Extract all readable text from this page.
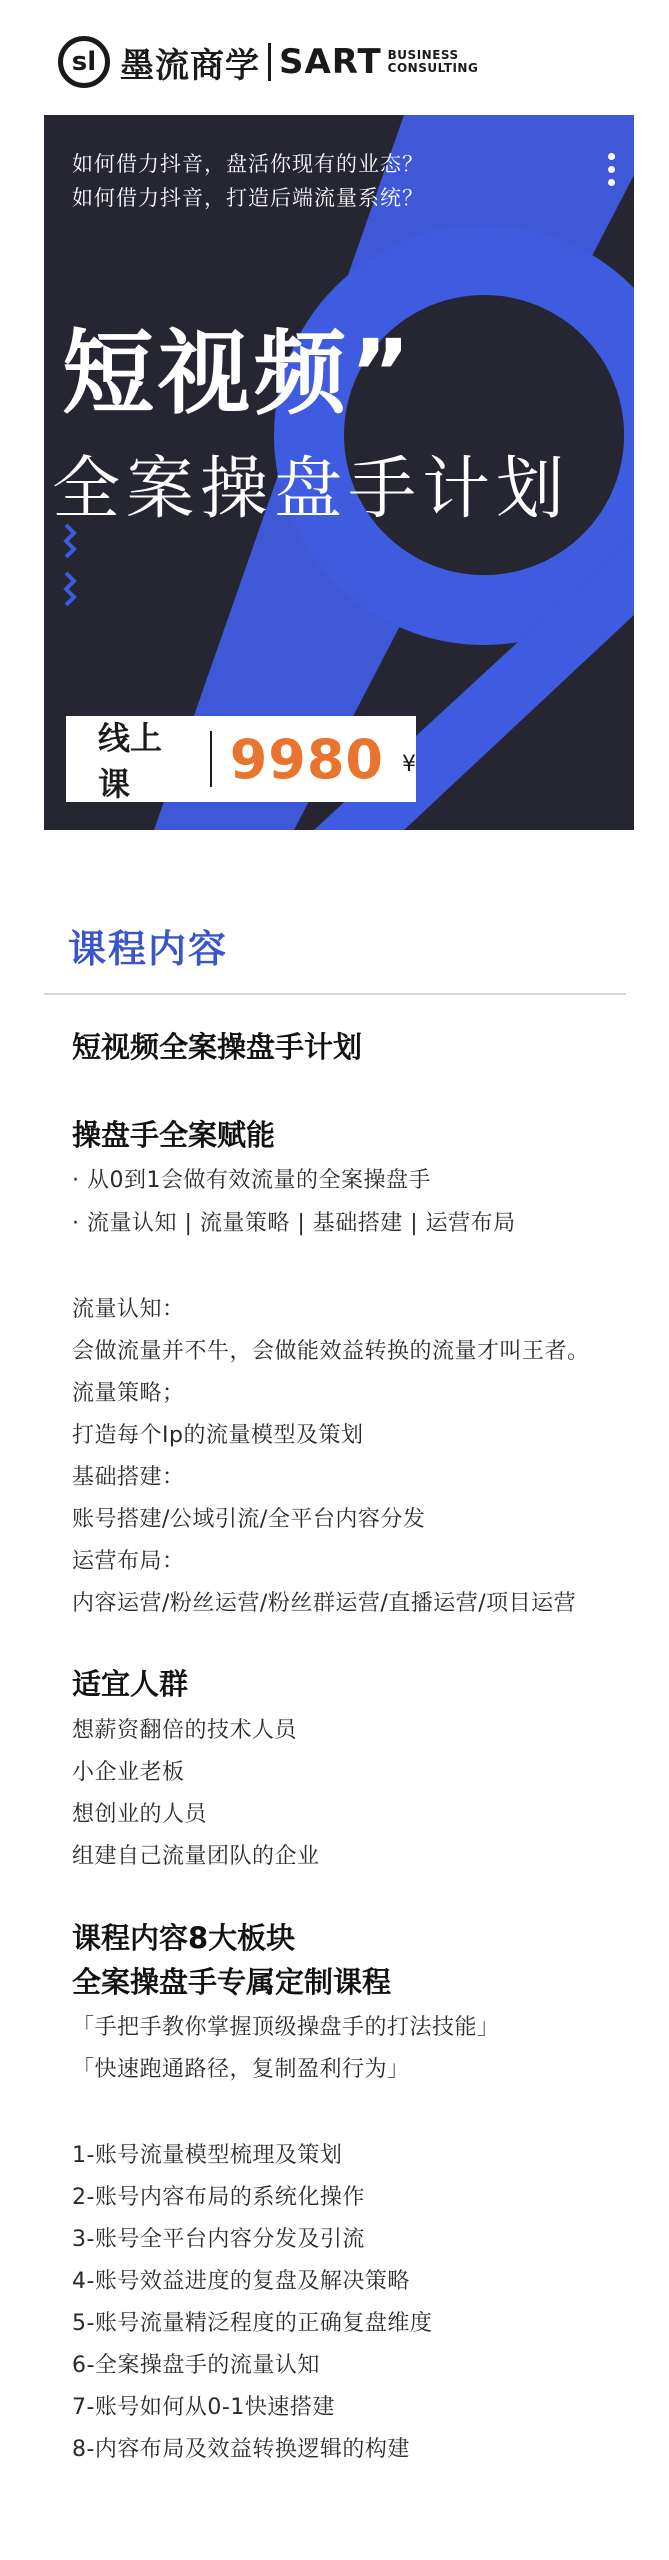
sl 墨流商学 SART BUSINESS
CONSULTING
如何借力抖音，盘活你现有的业态？
如何借力抖音，打造后端流量系统？
短视频”
全案操盘手计划
线上课	9980 ¥
课程内容
短视频全案操盘手计划
操盘手全案赋能
· 从0到1会做有效流量的全案操盘手
· 流量认知 | 流量策略 | 基础搭建 | 运营布局
流量认知：
会做流量并不牛，会做能效益转换的流量才叫王者。
流量策略；
打造每个Ip的流量模型及策划
基础搭建：
账号搭建/公域引流/全平台内容分发
运营布局：
内容运营/粉丝运营/粉丝群运营/直播运营/项目运营
适宜人群
想薪资翻倍的技术人员
小企业老板
想创业的人员
组建自己流量团队的企业
课程内容8大板块
全案操盘手专属定制课程
「手把手教你掌握顶级操盘手的打法技能」
「快速跑通路径，复制盈利行为」
1-账号流量模型梳理及策划
2-账号内容布局的系统化操作
3-账号全平台内容分发及引流
4-账号效益进度的复盘及解决策略
5-账号流量精泛程度的正确复盘维度
6-全案操盘手的流量认知
7-账号如何从0-1快速搭建
8-内容布局及效益转换逻辑的构建
